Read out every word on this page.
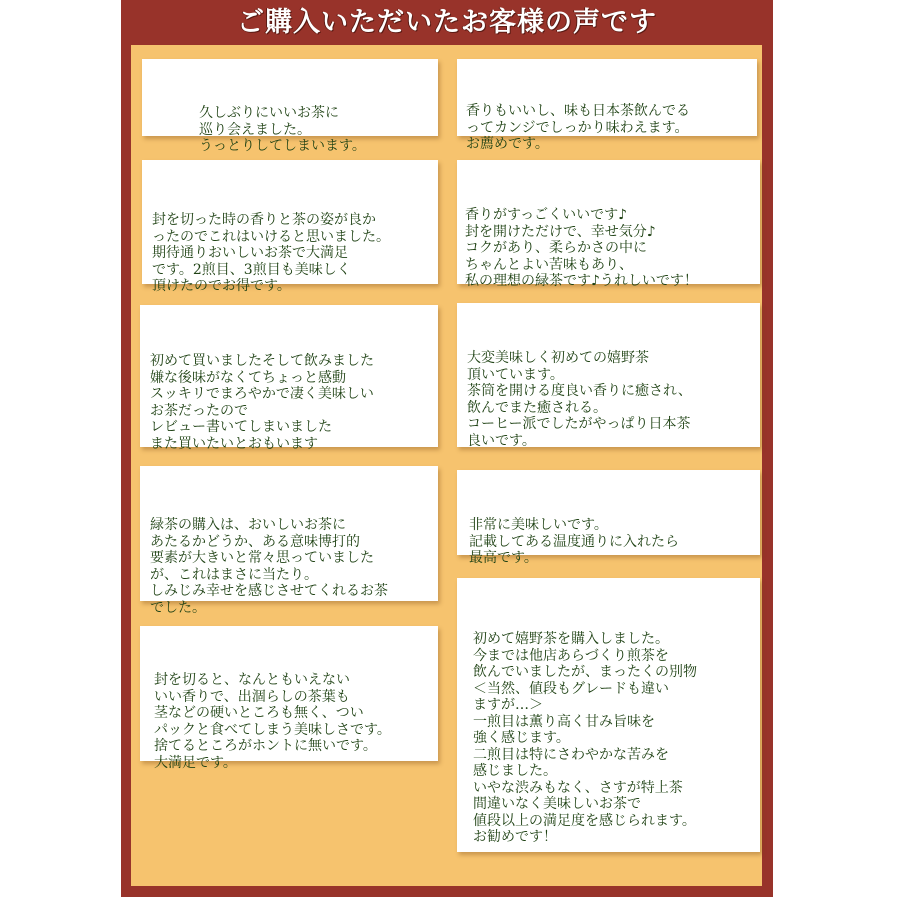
ご購入いただいたお客様の声です

久しぶりにいいお茶に
巡り会えました。
うっとりしてしまいます。

封を切った時の香りと茶の姿が良か
ったのでこれはいけると思いました。
期待通りおいしいお茶で大満足
です。2煎目、3煎目も美味しく
頂けたのでお得です。

初めて買いましたそして飲みました
嫌な後味がなくてちょっと感動
スッキリでまろやかで凄く美味しい
お茶だったので
レビュー書いてしまいました
また買いたいとおもいます

緑茶の購入は、おいしいお茶に
あたるかどうか、ある意味博打的
要素が大きいと常々思っていました
が、これはまさに当たり。
しみじみ幸せを感じさせてくれるお茶
でした。

封を切ると、なんともいえない
いい香りで、出涸らしの茶葉も
茎などの硬いところも無く、つい
パックと食べてしまう美味しさです。
捨てるところがホントに無いです。
大満足です。

香りもいいし、味も日本茶飲んでる
ってカンジでしっかり味わえます。
お薦めです。

香りがすっごくいいです♪
封を開けただけで、幸せ気分♪
コクがあり、柔らかさの中に
ちゃんとよい苦味もあり、
私の理想の緑茶です♪うれしいです！

大変美味しく初めての嬉野茶
頂いています。
茶筒を開ける度良い香りに癒され、
飲んでまた癒される。
コーヒー派でしたがやっぱり日本茶
良いです。

非常に美味しいです。
記載してある温度通りに入れたら
最高です。

初めて嬉野茶を購入しました。
今までは他店あらづくり煎茶を
飲んでいましたが、まったくの別物
＜当然、値段もグレードも違い
ますが…＞
一煎目は薫り高く甘み旨味を
強く感じます。
二煎目は特にさわやかな苦みを
感じました。
いやな渋みもなく、さすが特上茶
間違いなく美味しいお茶で
値段以上の満足度を感じられます。
お勧めです！
